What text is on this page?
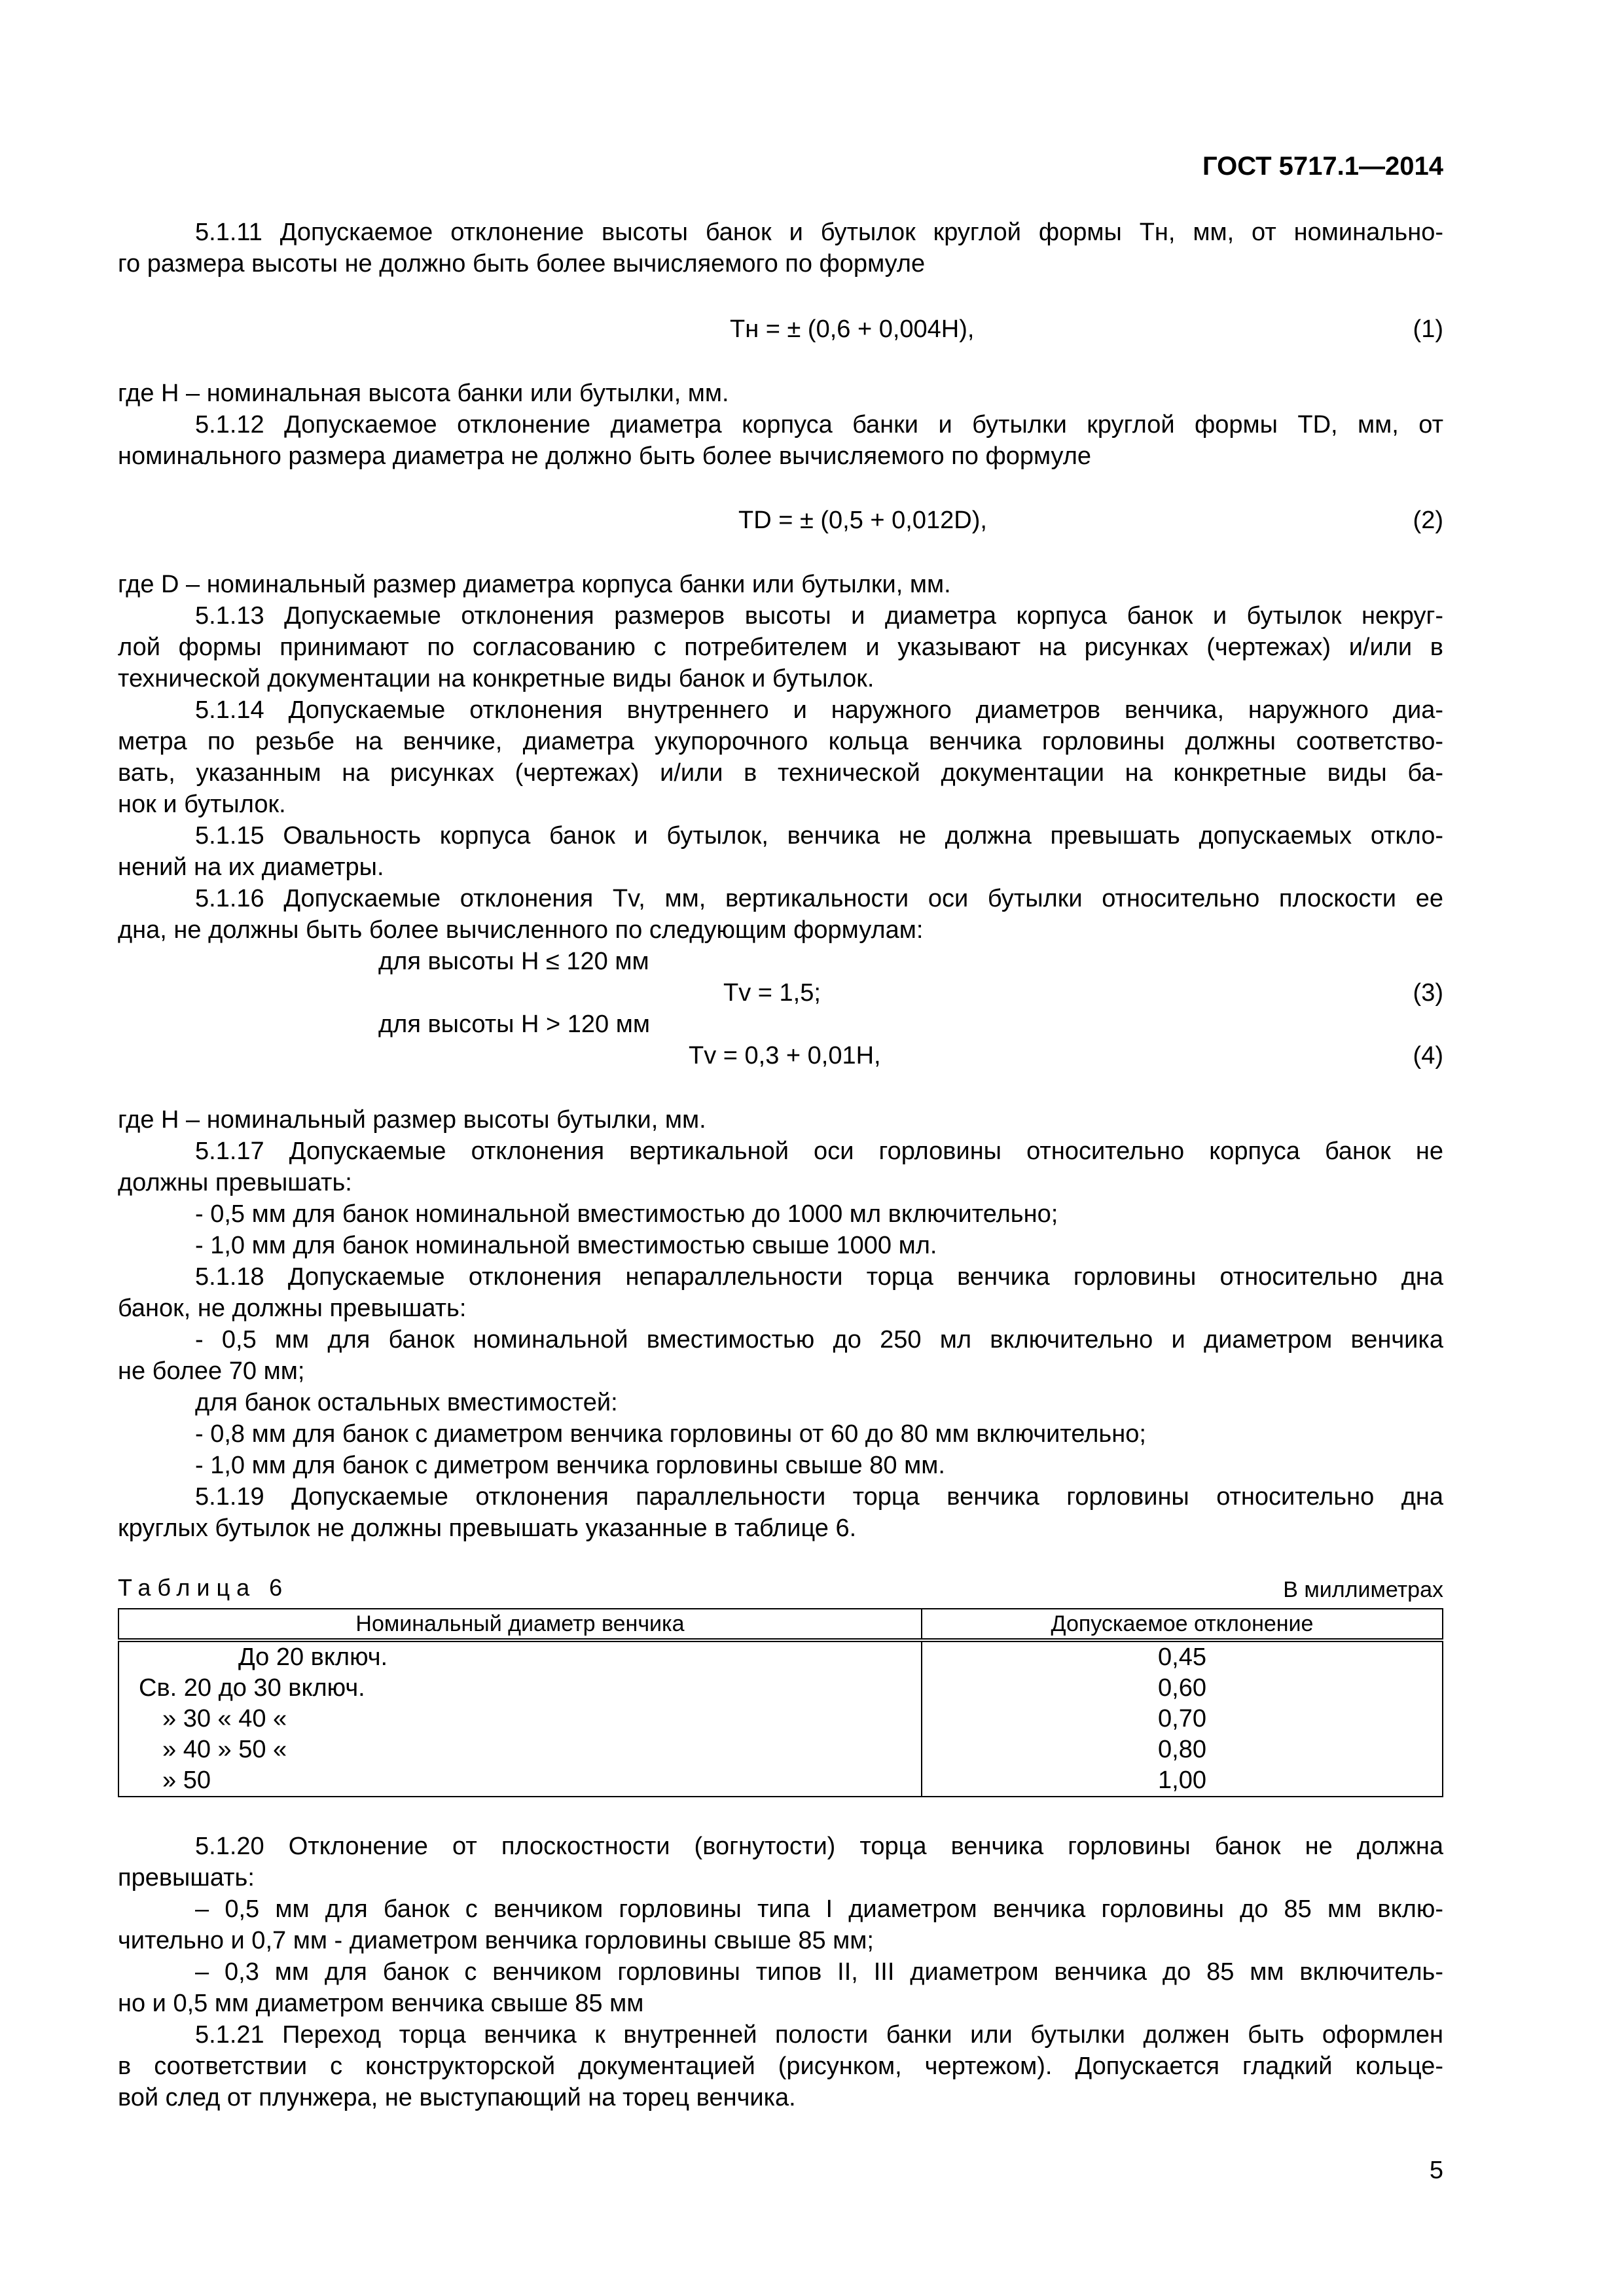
ГОСТ 5717.1—2014
5.1.11 Допускаемое отклонение высоты банок и бутылок круглой формы Тн, мм, от номинально-
го размера высоты не должно быть более вычисляемого по формуле
Тн = ± (0,6 + 0,004Н),	(1)
где Н – номинальная высота банки или бутылки, мм.
5.1.12 Допускаемое отклонение диаметра корпуса банки и бутылки круглой формы ТD, мм, от
номинального размера диаметра не должно быть более вычисляемого по формуле
ТD = ± (0,5 + 0,012D),	(2)
где D – номинальный размер диаметра корпуса банки или бутылки, мм.
5.1.13 Допускаемые отклонения размеров высоты и диаметра корпуса банок и бутылок некруг-
лой формы принимают по согласованию с потребителем и указывают на рисунках (чертежах) и/или в
технической документации на конкретные виды банок и бутылок.
5.1.14 Допускаемые отклонения внутреннего и наружного диаметров венчика, наружного диа-
метра по резьбе на венчике, диаметра укупорочного кольца венчика горловины должны соответство-
вать, указанным на рисунках (чертежах) и/или в технической документации на конкретные виды ба-
нок и бутылок.
5.1.15 Овальность корпуса банок и бутылок, венчика не должна превышать допускаемых откло-
нений на их диаметры.
5.1.16 Допускаемые отклонения Тv, мм, вертикальности оси бутылки относительно плоскости ее
дна, не должны быть более вычисленного по следующим формулам:
для высоты Н ≤ 120 мм
Тv = 1,5;	(3)
для высоты Н > 120 мм
Тv = 0,3 + 0,01Н,	(4)
где Н – номинальный размер высоты бутылки, мм.
5.1.17 Допускаемые отклонения вертикальной оси горловины относительно корпуса банок не
должны превышать:
- 0,5 мм для банок номинальной вместимостью до 1000 мл включительно;
- 1,0 мм для банок номинальной вместимостью свыше 1000 мл.
5.1.18 Допускаемые отклонения непараллельности торца венчика горловины относительно дна
банок, не должны превышать:
- 0,5 мм для банок номинальной вместимостью до 250 мл включительно и диаметром венчика
не более 70 мм;
для банок остальных вместимостей:
- 0,8 мм для банок с диаметром венчика горловины от 60 до 80 мм включительно;
- 1,0 мм для банок с диметром венчика горловины свыше 80 мм.
5.1.19 Допускаемые отклонения параллельности торца венчика горловины относительно дна
круглых бутылок не должны превышать указанные в таблице 6.
Таблица 6	В миллиметрах
Номинальный диаметр венчика	Допускаемое отклонение
До 20 включ.	0,45
Св. 20 до 30 включ.	0,60
» 30 « 40 «	0,70
» 40 » 50 «	0,80
» 50	1,00
5.1.20 Отклонение от плоскостности (вогнутости) торца венчика горловины банок не должна
превышать:
– 0,5 мм для банок с венчиком горловины типа I диаметром венчика горловины до 85 мм вклю-
чительно и 0,7 мм - диаметром венчика горловины свыше 85 мм;
– 0,3 мм для банок с венчиком горловины типов II, III диаметром венчика до 85 мм включитель-
но и 0,5 мм диаметром венчика свыше 85 мм
5.1.21 Переход торца венчика к внутренней полости банки или бутылки должен быть оформлен
в соответствии с конструкторской документацией (рисунком, чертежом). Допускается гладкий кольце-
вой след от плунжера, не выступающий на торец венчика.
5
